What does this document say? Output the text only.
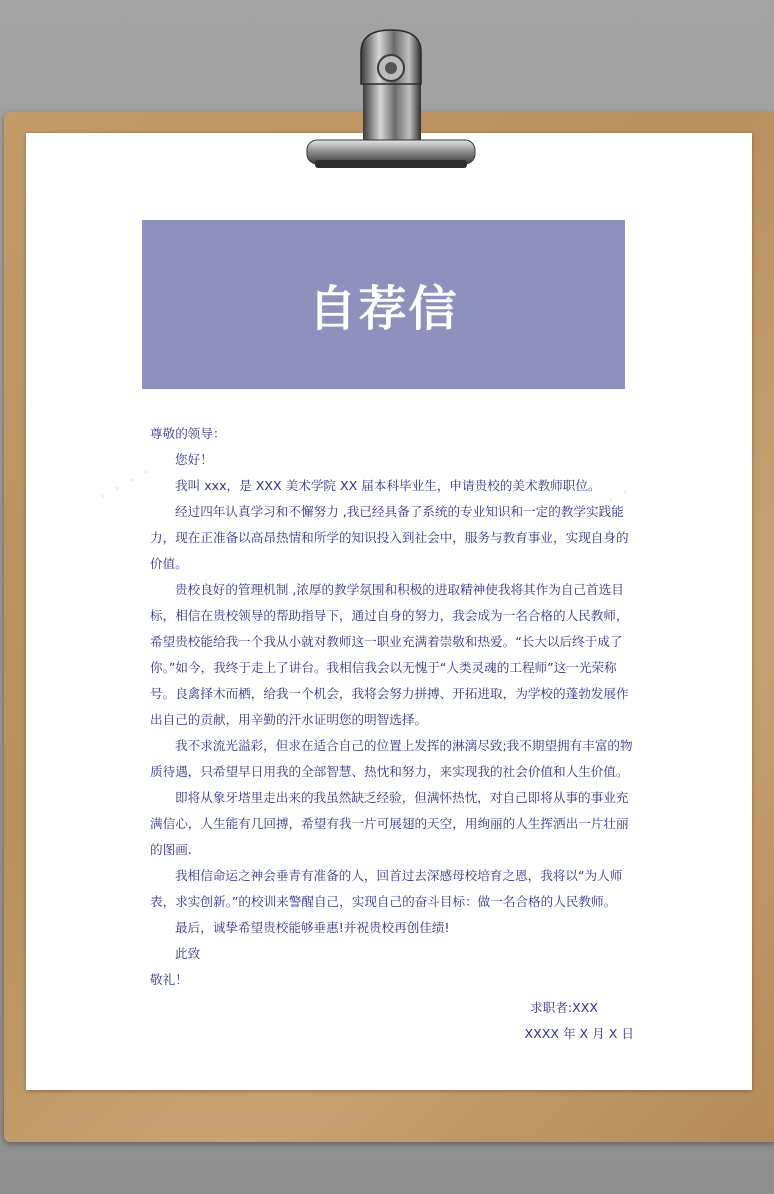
· · · ·	· · · ·
自荐信

尊敬的领导：

您好！

我叫 xxx，是 XXX 美术学院 XX 届本科毕业生，申请贵校的美术教师职位。

经过四年认真学习和不懈努力 ,我已经具备了系统的专业知识和一定的教学实践能力，现在正准备以高昂热情和所学的知识投入到社会中，服务与教育事业，实现自身的价值。

贵校良好的管理机制 ,浓厚的教学氛围和积极的进取精神使我将其作为自己首选目标，相信在贵校领导的帮助指导下，通过自身的努力，我会成为一名合格的人民教师，希望贵校能给我一个我从小就对教师这一职业充满着崇敬和热爱。“长大以后终于成了你。”如今，我终于走上了讲台。我相信我会以无愧于“人类灵魂的工程师”这一光荣称号。良禽择木而栖，给我一个机会，我将会努力拼搏、开拓进取，为学校的蓬勃发展作出自己的贡献，用辛勤的汗水证明您的明智选择。

我不求流光溢彩，但求在适合自己的位置上发挥的淋漓尽致;我不期望拥有丰富的物质待遇，只希望早日用我的全部智慧、热忱和努力，来实现我的社会价值和人生价值。

即将从象牙塔里走出来的我虽然缺乏经验，但满怀热忱，对自己即将从事的事业充满信心，人生能有几回搏，希望有我一片可展翅的天空，用绚丽的人生挥洒出一片壮丽的图画.

我相信命运之神会垂青有准备的人，回首过去深感母校培育之恩，我将以“为人师表，求实创新。”的校训来警醒自己，实现自己的奋斗目标：做一名合格的人民教师。

最后，诚挚希望贵校能够垂惠!并祝贵校再创佳绩!

此致

敬礼！

求职者:XXX

XXXX 年 X 月 X 日
